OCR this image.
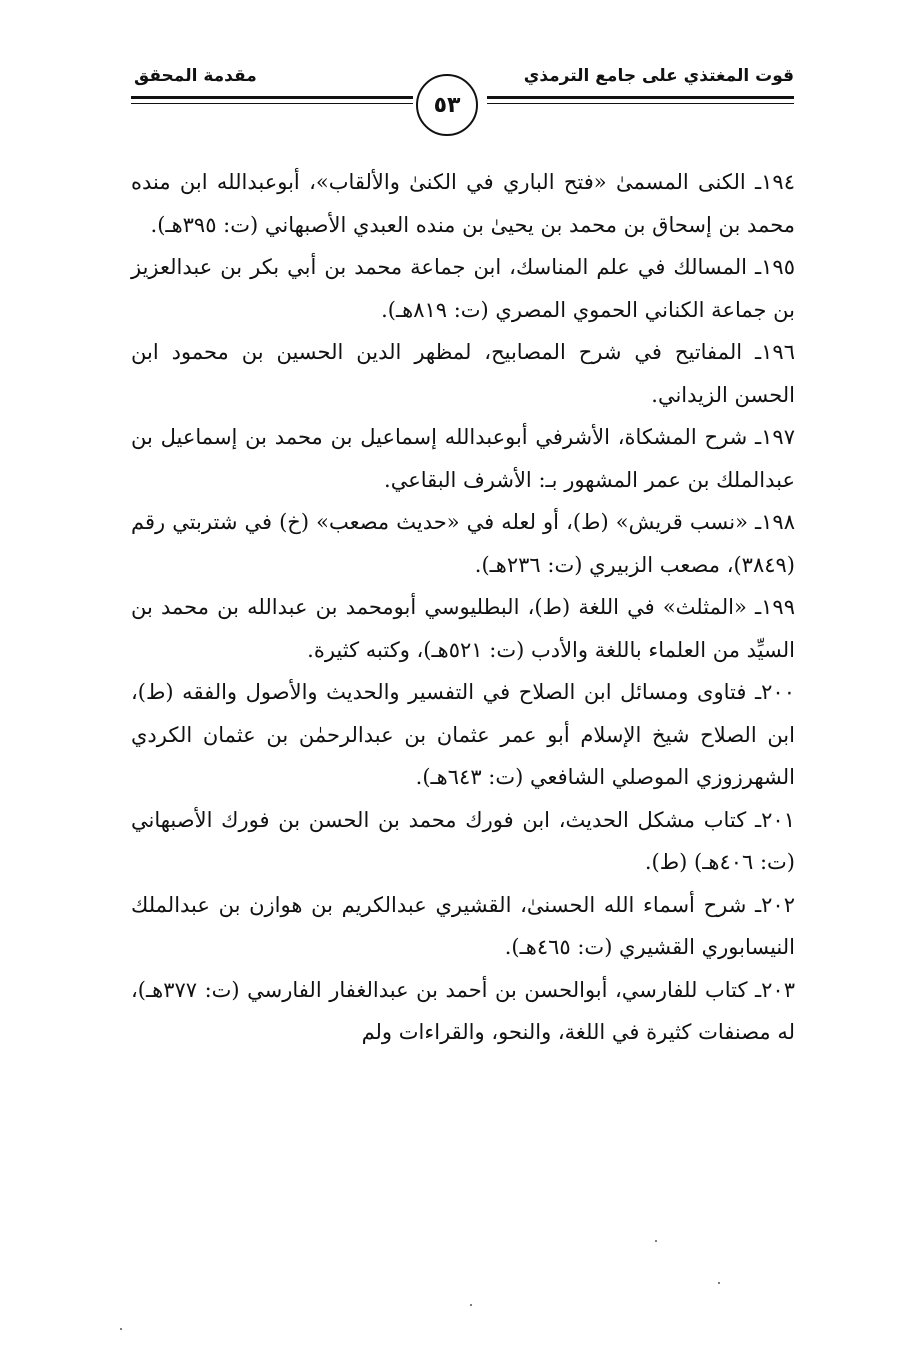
قوت المغتذي على جامع الترمذي
مقدمة المحقق
٥٣

١٩٤ـ الكنى المسمىٰ «فتح الباري في الكنىٰ والألقاب»، أبوعبدالله ابن منده محمد بن إسحاق بن محمد بن يحيىٰ بن منده العبدي الأصبهاني (ت: ٣٩٥هـ).

١٩٥ـ المسالك في علم المناسك، ابن جماعة محمد بن أبي بكر بن عبدالعزيز بن جماعة الكناني الحموي المصري (ت: ٨١٩هـ).

١٩٦ـ المفاتيح في شرح المصابيح، لمظهر الدين الحسين بن محمود ابن الحسن الزيداني.

١٩٧ـ شرح المشكاة، الأشرفي أبوعبدالله إسماعيل بن محمد بن إسماعيل بن عبدالملك بن عمر المشهور بـ: الأشرف البقاعي.

١٩٨ـ «نسب قريش» (ط)، أو لعله في «حديث مصعب» (خ) في شتربتي رقم (٣٨٤٩)، مصعب الزبيري (ت: ٢٣٦هـ).

١٩٩ـ «المثلث» في اللغة (ط)، البطليوسي أبومحمد بن عبدالله بن محمد بن السيِّد من العلماء باللغة والأدب (ت: ٥٢١هـ)، وكتبه كثيرة.

٢٠٠ـ فتاوى ومسائل ابن الصلاح في التفسير والحديث والأصول والفقه (ط)، ابن الصلاح شيخ الإسلام أبو عمر عثمان بن عبدالرحمٰن بن عثمان الكردي الشهرزوزي الموصلي الشافعي (ت: ٦٤٣هـ).

٢٠١ـ كتاب مشكل الحديث، ابن فورك محمد بن الحسن بن فورك الأصبهاني (ت: ٤٠٦هـ) (ط).

٢٠٢ـ شرح أسماء الله الحسنىٰ، القشيري عبدالكريم بن هوازن بن عبدالملك النيسابوري القشيري (ت: ٤٦٥هـ).

٢٠٣ـ كتاب للفارسي، أبوالحسن بن أحمد بن عبدالغفار الفارسي (ت: ٣٧٧هـ)، له مصنفات كثيرة في اللغة، والنحو، والقراءات ولم
